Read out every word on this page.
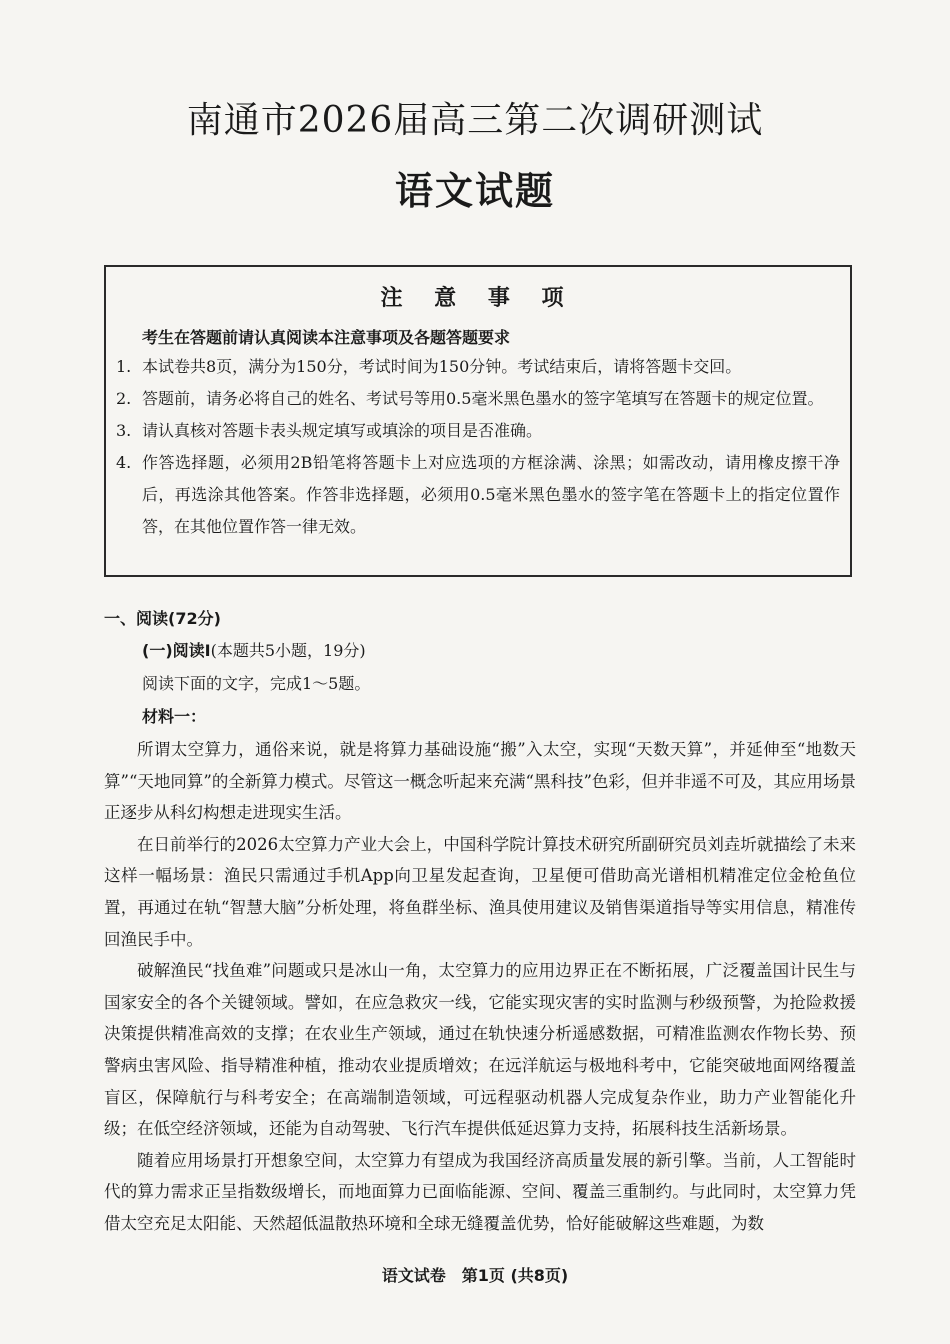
南通市2026届高三第二次调研测试
语文试题
注 意 事 项
考生在答题前请认真阅读本注意事项及各题答题要求
1. 本试卷共8页，满分为150分，考试时间为150分钟。考试结束后，请将答题卡交回。
2. 答题前，请务必将自己的姓名、考试号等用0.5毫米黑色墨水的签字笔填写在答题卡的规定位置。
3. 请认真核对答题卡表头规定填写或填涂的项目是否准确。
4. 作答选择题，必须用2B铅笔将答题卡上对应选项的方框涂满、涂黑；如需改动，请用橡皮擦干净后，再选涂其他答案。作答非选择题，必须用0.5毫米黑色墨水的签字笔在答题卡上的指定位置作答，在其他位置作答一律无效。
一、阅读(72分)
(一)阅读Ⅰ(本题共5小题，19分)
阅读下面的文字，完成1～5题。
材料一：

所谓太空算力，通俗来说，就是将算力基础设施“搬”入太空，实现“天数天算”，并延伸至“地数天算”“天地同算”的全新算力模式。尽管这一概念听起来充满“黑科技”色彩，但并非遥不可及，其应用场景正逐步从科幻构想走进现实生活。

在日前举行的2026太空算力产业大会上，中国科学院计算技术研究所副研究员刘垚圻就描绘了未来这样一幅场景：渔民只需通过手机App向卫星发起查询，卫星便可借助高光谱相机精准定位金枪鱼位置，再通过在轨“智慧大脑”分析处理，将鱼群坐标、渔具使用建议及销售渠道指导等实用信息，精准传回渔民手中。

破解渔民“找鱼难”问题或只是冰山一角，太空算力的应用边界正在不断拓展，广泛覆盖国计民生与国家安全的各个关键领域。譬如，在应急救灾一线，它能实现灾害的实时监测与秒级预警，为抢险救援决策提供精准高效的支撑；在农业生产领域，通过在轨快速分析遥感数据，可精准监测农作物长势、预警病虫害风险、指导精准种植，推动农业提质增效；在远洋航运与极地科考中，它能突破地面网络覆盖盲区，保障航行与科考安全；在高端制造领域，可远程驱动机器人完成复杂作业，助力产业智能化升级；在低空经济领域，还能为自动驾驶、飞行汽车提供低延迟算力支持，拓展科技生活新场景。

随着应用场景打开想象空间，太空算力有望成为我国经济高质量发展的新引擎。当前，人工智能时代的算力需求正呈指数级增长，而地面算力已面临能源、空间、覆盖三重制约。与此同时，太空算力凭借太空充足太阳能、天然超低温散热环境和全球无缝覆盖优势，恰好能破解这些难题，为数

语文试卷　第1页 (共8页)
